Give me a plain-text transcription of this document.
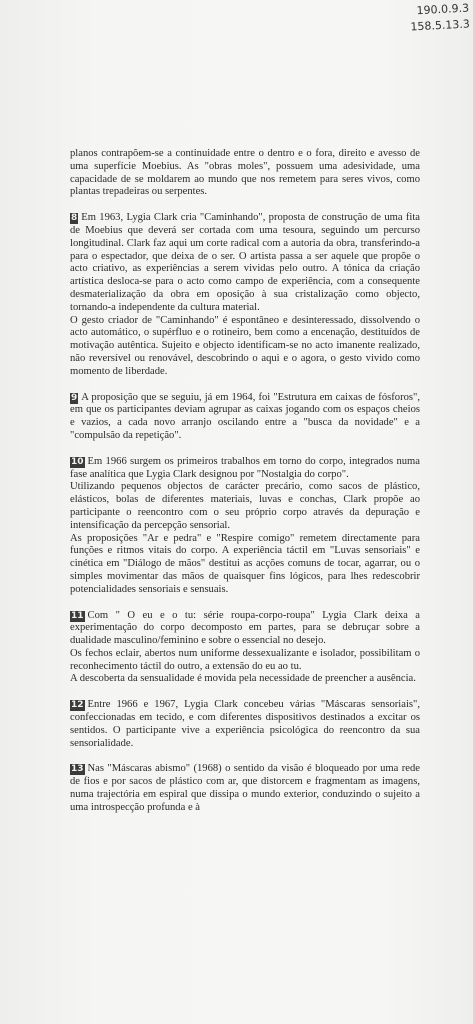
190.0.9.3
158.5.13.3

planos contrapõem-se a continuidade entre o dentro e o fora, direito e avesso de uma superfície Moebius. As "obras moles", possuem uma adesividade, uma capacidade de se moldarem ao mundo que nos remetem para seres vivos, como plantas trepadeiras ou serpentes.

8 Em 1963, Lygia Clark cria "Caminhando", proposta de construção de uma fita de Moebius que deverá ser cortada com uma tesoura, seguindo um percurso longitudinal. Clark faz aqui um corte radical com a autoria da obra, transferindo-a para o espectador, que deixa de o ser. O artista passa a ser aquele que propõe o acto criativo, as experiências a serem vividas pelo outro. A tónica da criação artística desloca-se para o acto como campo de experiência, com a consequente desmaterialização da obra em oposição à sua cristalização como objecto, tornando-a independente da cultura material.

O gesto criador de "Caminhando" é espontâneo e desinteressado, dissolvendo o acto automático, o supérfluo e o rotineiro, bem como a encenação, destituídos de motivação autêntica. Sujeito e objecto identificam-se no acto imanente realizado, não reversível ou renovável, descobrindo o aqui e o agora, o gesto vivido como momento de liberdade.

9 A proposição que se seguiu, já em 1964, foi "Estrutura em caixas de fósforos", em que os participantes deviam agrupar as caixas jogando com os espaços cheios e vazios, a cada novo arranjo oscilando entre a "busca da novidade" e a "compulsão da repetição".

10 Em 1966 surgem os primeiros trabalhos em torno do corpo, integrados numa fase analítica que Lygia Clark designou por "Nostalgia do corpo".

Utilizando pequenos objectos de carácter precário, como sacos de plástico, elásticos, bolas de diferentes materiais, luvas e conchas, Clark propõe ao participante o reencontro com o seu próprio corpo através da depuração e intensificação da percepção sensorial.

As proposições "Ar e pedra" e "Respire comigo" remetem directamente para funções e ritmos vitais do corpo. A experiência táctil em "Luvas sensoriais" e cinética em "Diálogo de mãos" destitui as acções comuns de tocar, agarrar, ou o simples movimentar das mãos de quaisquer fins lógicos, para lhes redescobrir potencialidades sensoriais e sensuais.

11 Com " O eu e o tu: série roupa-corpo-roupa" Lygia Clark deixa a experimentação do corpo decomposto em partes, para se debruçar sobre a dualidade masculino/feminino e sobre o essencial no desejo.

Os fechos eclair, abertos num uniforme dessexualizante e isolador, possibilitam o reconhecimento táctil do outro, a extensão do eu ao tu.

A descoberta da sensualidade é movida pela necessidade de preencher a ausência.

12 Entre 1966 e 1967, Lygia Clark concebeu várias "Máscaras sensoriais", confeccionadas em tecido, e com diferentes dispositivos destinados a excitar os sentidos. O participante vive a experiência psicológica do reencontro da sua sensorialidade.

13 Nas "Máscaras abismo" (1968) o sentido da visão é bloqueado por uma rede de fios e por sacos de plástico com ar, que distorcem e fragmentam as imagens, numa trajectória em espiral que dissipa o mundo exterior, conduzindo o sujeito a uma introspecção profunda e à
